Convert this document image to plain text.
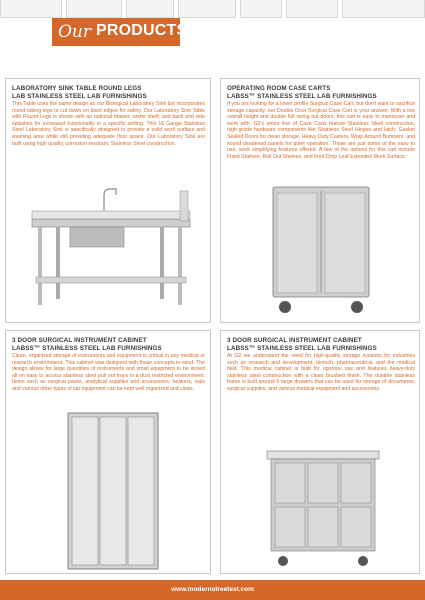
Our PRODUCTS
LABORATORY SINK TABLE ROUND LEGS
LAB STAINLESS STEEL LAB FURNISHINGS
This Table uses the same design as our Biological Laboratory Sink but incorporates round tubing legs to cut down on blunt edges for safety. Our Laboratory Sink Table with Round Legs is shown with an optional drawer, under shelf, and back and side splashes for increased functionality in a specific setting. This 16 Gauge Stainless Steel Laboratory Sink is specifically designed to provide a solid work surface and washing area while still providing adequate floor space. Our Laboratory Sink are built using high quality, corrosion resistant, Stainless Steel construction.
OPERATING ROOM CASE CARTS
LABSS™ STAINLESS STEEL LAB FURNISHINGS
If you are looking for a lower profile Surgical Case Cart, but don't want to sacrifice storage capacity, our Double Door Surgical Case Cart is your answer. With a low overall height and double full swing out doors, this cart is easy to maneuver and work with. G2's entire line of Case Carts feature Stainless Steel construction, high-grade hardware components like Stainless Steel Hinges and latch, Gasket Sealed Doors for clean storage, Heavy Duty Casters, Wrap Around Bumpers, and sound deadened panels for quiet operation. Those are just some of the easy to use, work simplifying features offered. A few of the options for this cart include Fixed Shelves, Roll Out Shelves, and front Drop Leaf Extended Work Surface.
3 DOOR SURGICAL INSTRUMENT CABINET
LABSS™ STAINLESS STEEL LAB FURNISHINGS
Clean, organized storage of instruments and equipment is critical in any medical or research environment. This cabinet was designed with those concepts in mind. The design allows for large quantities of instruments and small equipment to be stored all on easy to access stainless steel pull out trays in a dust restricted environment. Items such as surgical packs, analytical supplies and accessories, beakers, vials and various other types of lab equipment can be kept well organized and clean.
3 DOOR SURGICAL INSTRUMENT CABINET
LABSS™ STAINLESS STEEL LAB FURNISHINGS
At G2 we understand the need for high-quality storage systems for industries such as research and development, biotech, pharmaceutical, and the medical field. This medical cabinet is built for rigorous use and features heavy-duty stainless steel construction with a clean brushed finish. The durable stainless frame is built around 6 large drawers that can be used for storage of documents, surgical supplies, and various medical equipment and accessories.
www.modernstreetest.com
